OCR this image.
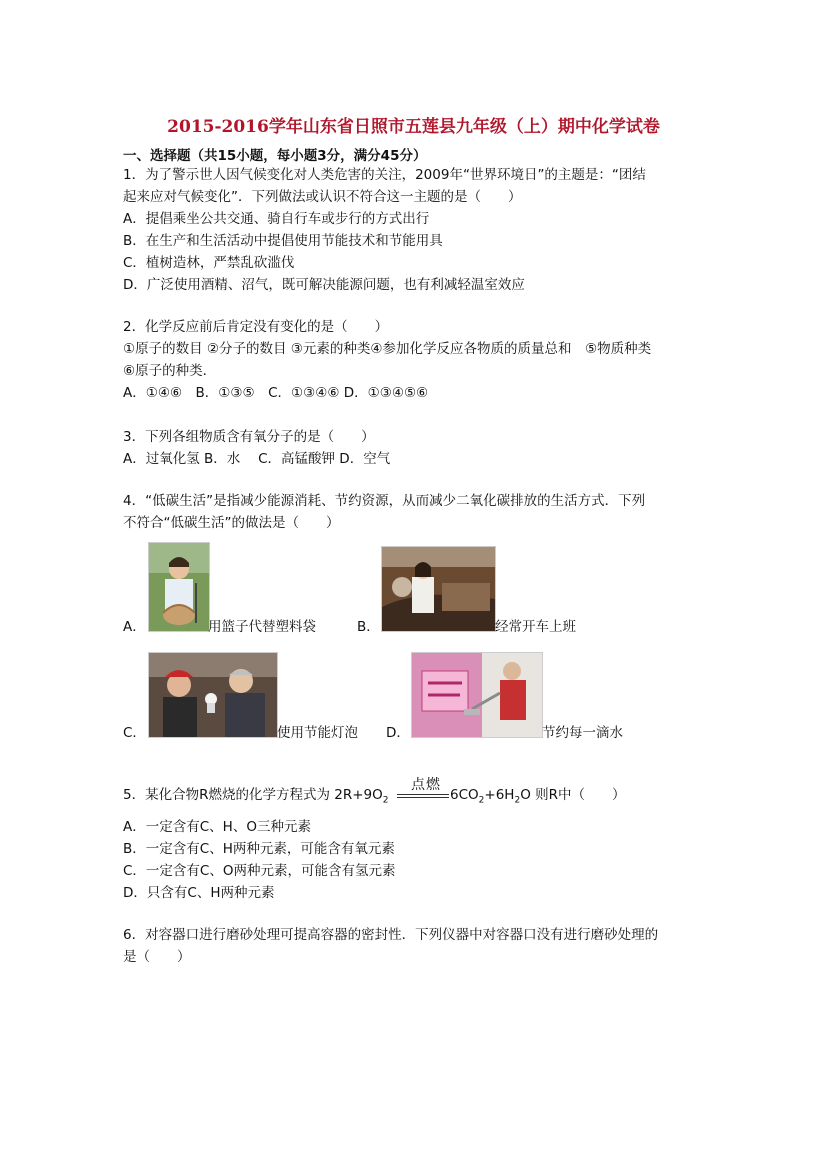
2015-2016学年山东省日照市五莲县九年级（上）期中化学试卷
一、选择题（共15小题，每小题3分，满分45分）
1．为了警示世人因气候变化对人类危害的关注，2009年“世界环境日”的主题是：“团结
起来应对气候变化”．下列做法或认识不符合这一主题的是（　　）
A．提倡乘坐公共交通、骑自行车或步行的方式出行
B．在生产和生活活动中提倡使用节能技术和节能用具
C．植树造林，严禁乱砍滥伐
D．广泛使用酒精、沼气，既可解决能源问题，也有利减轻温室效应
2．化学反应前后肯定没有变化的是（　　）
①原子的数目 ②分子的数目 ③元素的种类④参加化学反应各物质的质量总和　⑤物质种类
⑥原子的种类．
A．①④⑥　B．①③⑤　C．①③④⑥ D．①③④⑤⑥
3．下列各组物质含有氧分子的是（　　）
A．过氧化氢 B．水　 C．高锰酸钾 D．空气
4．“低碳生活”是指减少能源消耗、节约资源，从而减少二氧化碳排放的生活方式．下列
不符合“低碳生活”的做法是（　　）
A．	用篮子代替塑料袋	B．	经常开车上班
C．	使用节能灯泡 D．	节约每一滴水
点燃
5．某化合物R燃烧的化学方程式为 $2R+9O_2$	$6CO_2+6H_2O$ 则R中（　　）
A．一定含有C、H、O三种元素
B．一定含有C、H两种元素，可能含有氧元素
C．一定含有C、O两种元素，可能含有氢元素
D．只含有C、H两种元素
6．对容器口进行磨砂处理可提高容器的密封性．下列仪器中对容器口没有进行磨砂处理的
是（　　）
